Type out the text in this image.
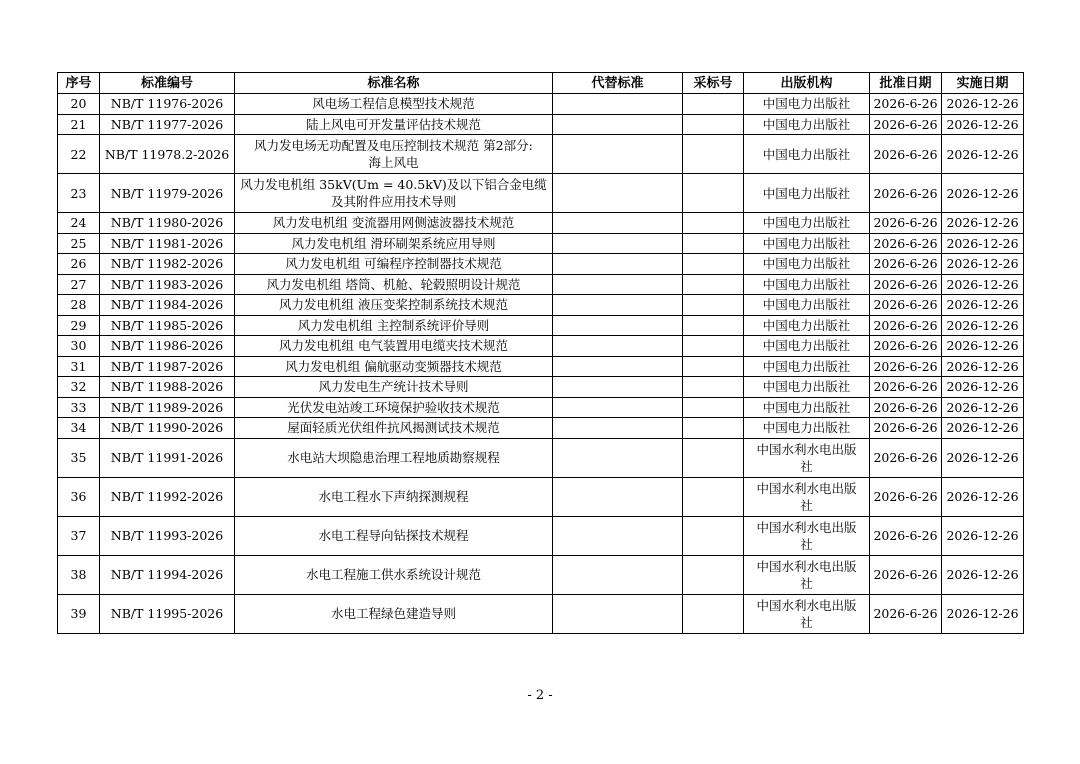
序号	标准编号	标准名称	代替标准	采标号	出版机构	批准日期	实施日期
20	NB/T 11976-2026	风电场工程信息模型技术规范			中国电力出版社	2026-6-26	2026-12-26
21	NB/T 11977-2026	陆上风电可开发量评估技术规范			中国电力出版社	2026-6-26	2026-12-26
22	NB/T 11978.2-2026	风力发电场无功配置及电压控制技术规范 第2部分:
海上风电			中国电力出版社	2026-6-26	2026-12-26
23	NB/T 11979-2026	风力发电机组 35kV(Um = 40.5kV)及以下铝合金电缆
及其附件应用技术导则			中国电力出版社	2026-6-26	2026-12-26
24	NB/T 11980-2026	风力发电机组 变流器用网侧滤波器技术规范			中国电力出版社	2026-6-26	2026-12-26
25	NB/T 11981-2026	风力发电机组 滑环刷架系统应用导则			中国电力出版社	2026-6-26	2026-12-26
26	NB/T 11982-2026	风力发电机组 可编程序控制器技术规范			中国电力出版社	2026-6-26	2026-12-26
27	NB/T 11983-2026	风力发电机组 塔筒、机舱、轮毂照明设计规范			中国电力出版社	2026-6-26	2026-12-26
28	NB/T 11984-2026	风力发电机组 液压变桨控制系统技术规范			中国电力出版社	2026-6-26	2026-12-26
29	NB/T 11985-2026	风力发电机组 主控制系统评价导则			中国电力出版社	2026-6-26	2026-12-26
30	NB/T 11986-2026	风力发电机组 电气装置用电缆夹技术规范			中国电力出版社	2026-6-26	2026-12-26
31	NB/T 11987-2026	风力发电机组 偏航驱动变频器技术规范			中国电力出版社	2026-6-26	2026-12-26
32	NB/T 11988-2026	风力发电生产统计技术导则			中国电力出版社	2026-6-26	2026-12-26
33	NB/T 11989-2026	光伏发电站竣工环境保护验收技术规范			中国电力出版社	2026-6-26	2026-12-26
34	NB/T 11990-2026	屋面轻质光伏组件抗风揭测试技术规范			中国电力出版社	2026-6-26	2026-12-26
35	NB/T 11991-2026	水电站大坝隐患治理工程地质勘察规程			中国水利水电出版
社	2026-6-26	2026-12-26
36	NB/T 11992-2026	水电工程水下声纳探测规程			中国水利水电出版
社	2026-6-26	2026-12-26
37	NB/T 11993-2026	水电工程导向钻探技术规程			中国水利水电出版
社	2026-6-26	2026-12-26
38	NB/T 11994-2026	水电工程施工供水系统设计规范			中国水利水电出版
社	2026-6-26	2026-12-26
39	NB/T 11995-2026	水电工程绿色建造导则			中国水利水电出版
社	2026-6-26	2026-12-26
- 2 -
